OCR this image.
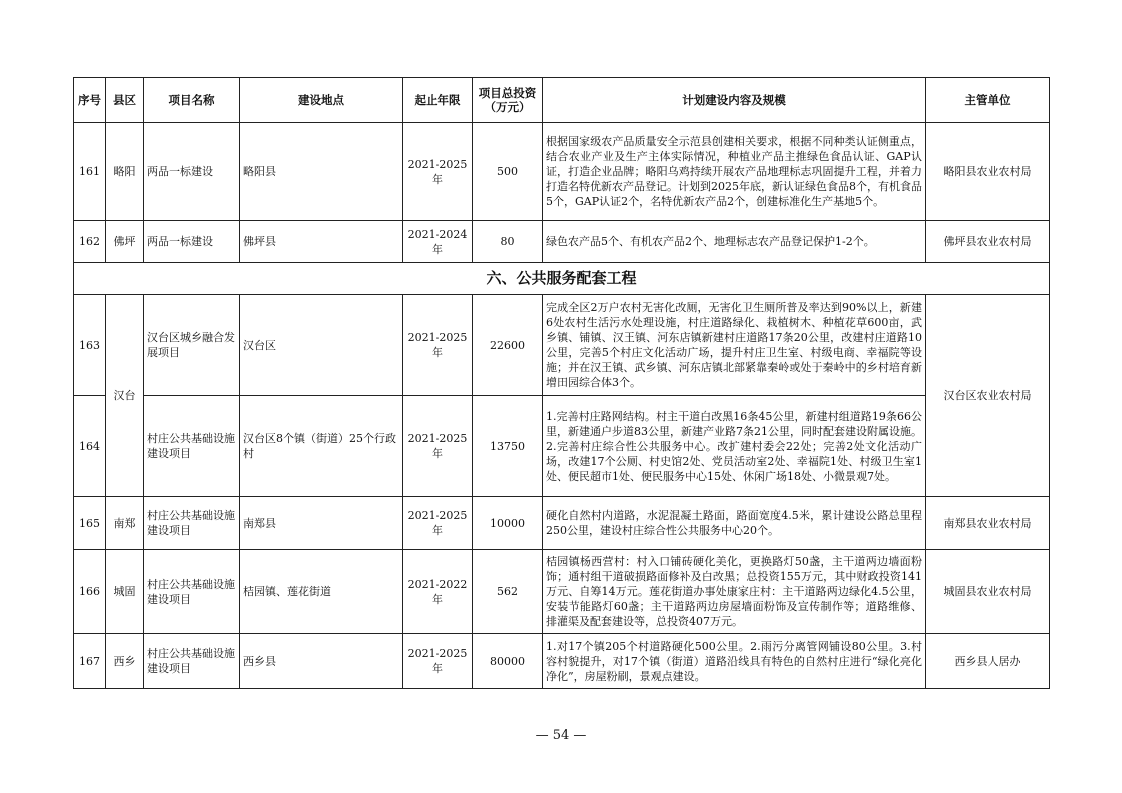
序号	县区	项目名称	建设地点	起止年限	项目总投资（万元）	计划建设内容及规模	主管单位
161	略阳	两品一标建设	略阳县	2021-2025年	500	根据国家级农产品质量安全示范县创建相关要求，根据不同种类认证侧重点，结合农业产业及生产主体实际情况，种植业产品主推绿色食品认证、GAP认证，打造企业品牌；略阳乌鸡持续开展农产品地理标志巩固提升工程，并着力打造名特优新农产品登记。计划到2025年底，新认证绿色食品8个，有机食品5个，GAP认证2个，名特优新农产品2个，创建标准化生产基地5个。	略阳县农业农村局
162	佛坪	两品一标建设	佛坪县	2021-2024年	80	绿色农产品5个、有机农产品2个、地理标志农产品登记保护1-2个。	佛坪县农业农村局
六、公共服务配套工程							
163	汉台	汉台区城乡融合发展项目	汉台区	2021-2025年	22600	完成全区2万户农村无害化改厕，无害化卫生厕所普及率达到90%以上，新建6处农村生活污水处理设施，村庄道路绿化、栽植树木、种植花草600亩，武乡镇、铺镇、汉王镇、河东店镇新建村庄道路17条20公里，改建村庄道路10公里，完善5个村庄文化活动广场，提升村庄卫生室、村级电商、幸福院等设施；并在汉王镇、武乡镇、河东店镇北部紧靠秦岭或处于秦岭中的乡村培育新增田园综合体3个。	汉台区农业农村局
164		村庄公共基础设施建设项目	汉台区8个镇（街道）25个行政村	2021-2025年	13750	1.完善村庄路网结构。村主干道白改黑16条45公里，新建村组道路19条66公里，新建通户步道83公里，新建产业路7条21公里，同时配套建设附属设施。2.完善村庄综合性公共服务中心。改扩建村委会22处；完善2处文化活动广场，改建17个公厕、村史馆2处、党员活动室2处、幸福院1处、村级卫生室1处、便民超市1处、便民服务中心15处、休闲广场18处、小微景观7处。	
165	南郑	村庄公共基础设施建设项目	南郑县	2021-2025年	10000	硬化自然村内道路，水泥混凝土路面，路面宽度4.5米，累计建设公路总里程250公里，建设村庄综合性公共服务中心20个。	南郑县农业农村局
166	城固	村庄公共基础设施建设项目	桔园镇、莲花街道	2021-2022年	562	桔园镇杨西营村：村入口铺砖硬化美化，更换路灯50盏，主干道两边墙面粉饰；通村组干道破损路面修补及白改黑；总投资155万元，其中财政投资141万元、自筹14万元。莲花街道办事处康家庄村：主干道路两边绿化4.5公里，安装节能路灯60盏；主干道路两边房屋墙面粉饰及宣传制作等；道路维修、排灌渠及配套建设等，总投资407万元。	城固县农业农村局
167	西乡	村庄公共基础设施建设项目	西乡县	2021-2025年	80000	1.对17个镇205个村道路硬化500公里。2.雨污分离管网铺设80公里。3.村容村貌提升，对17个镇（街道）道路沿线具有特色的自然村庄进行“绿化亮化净化”，房屋粉刷，景观点建设。	西乡县人居办
— 54 —
